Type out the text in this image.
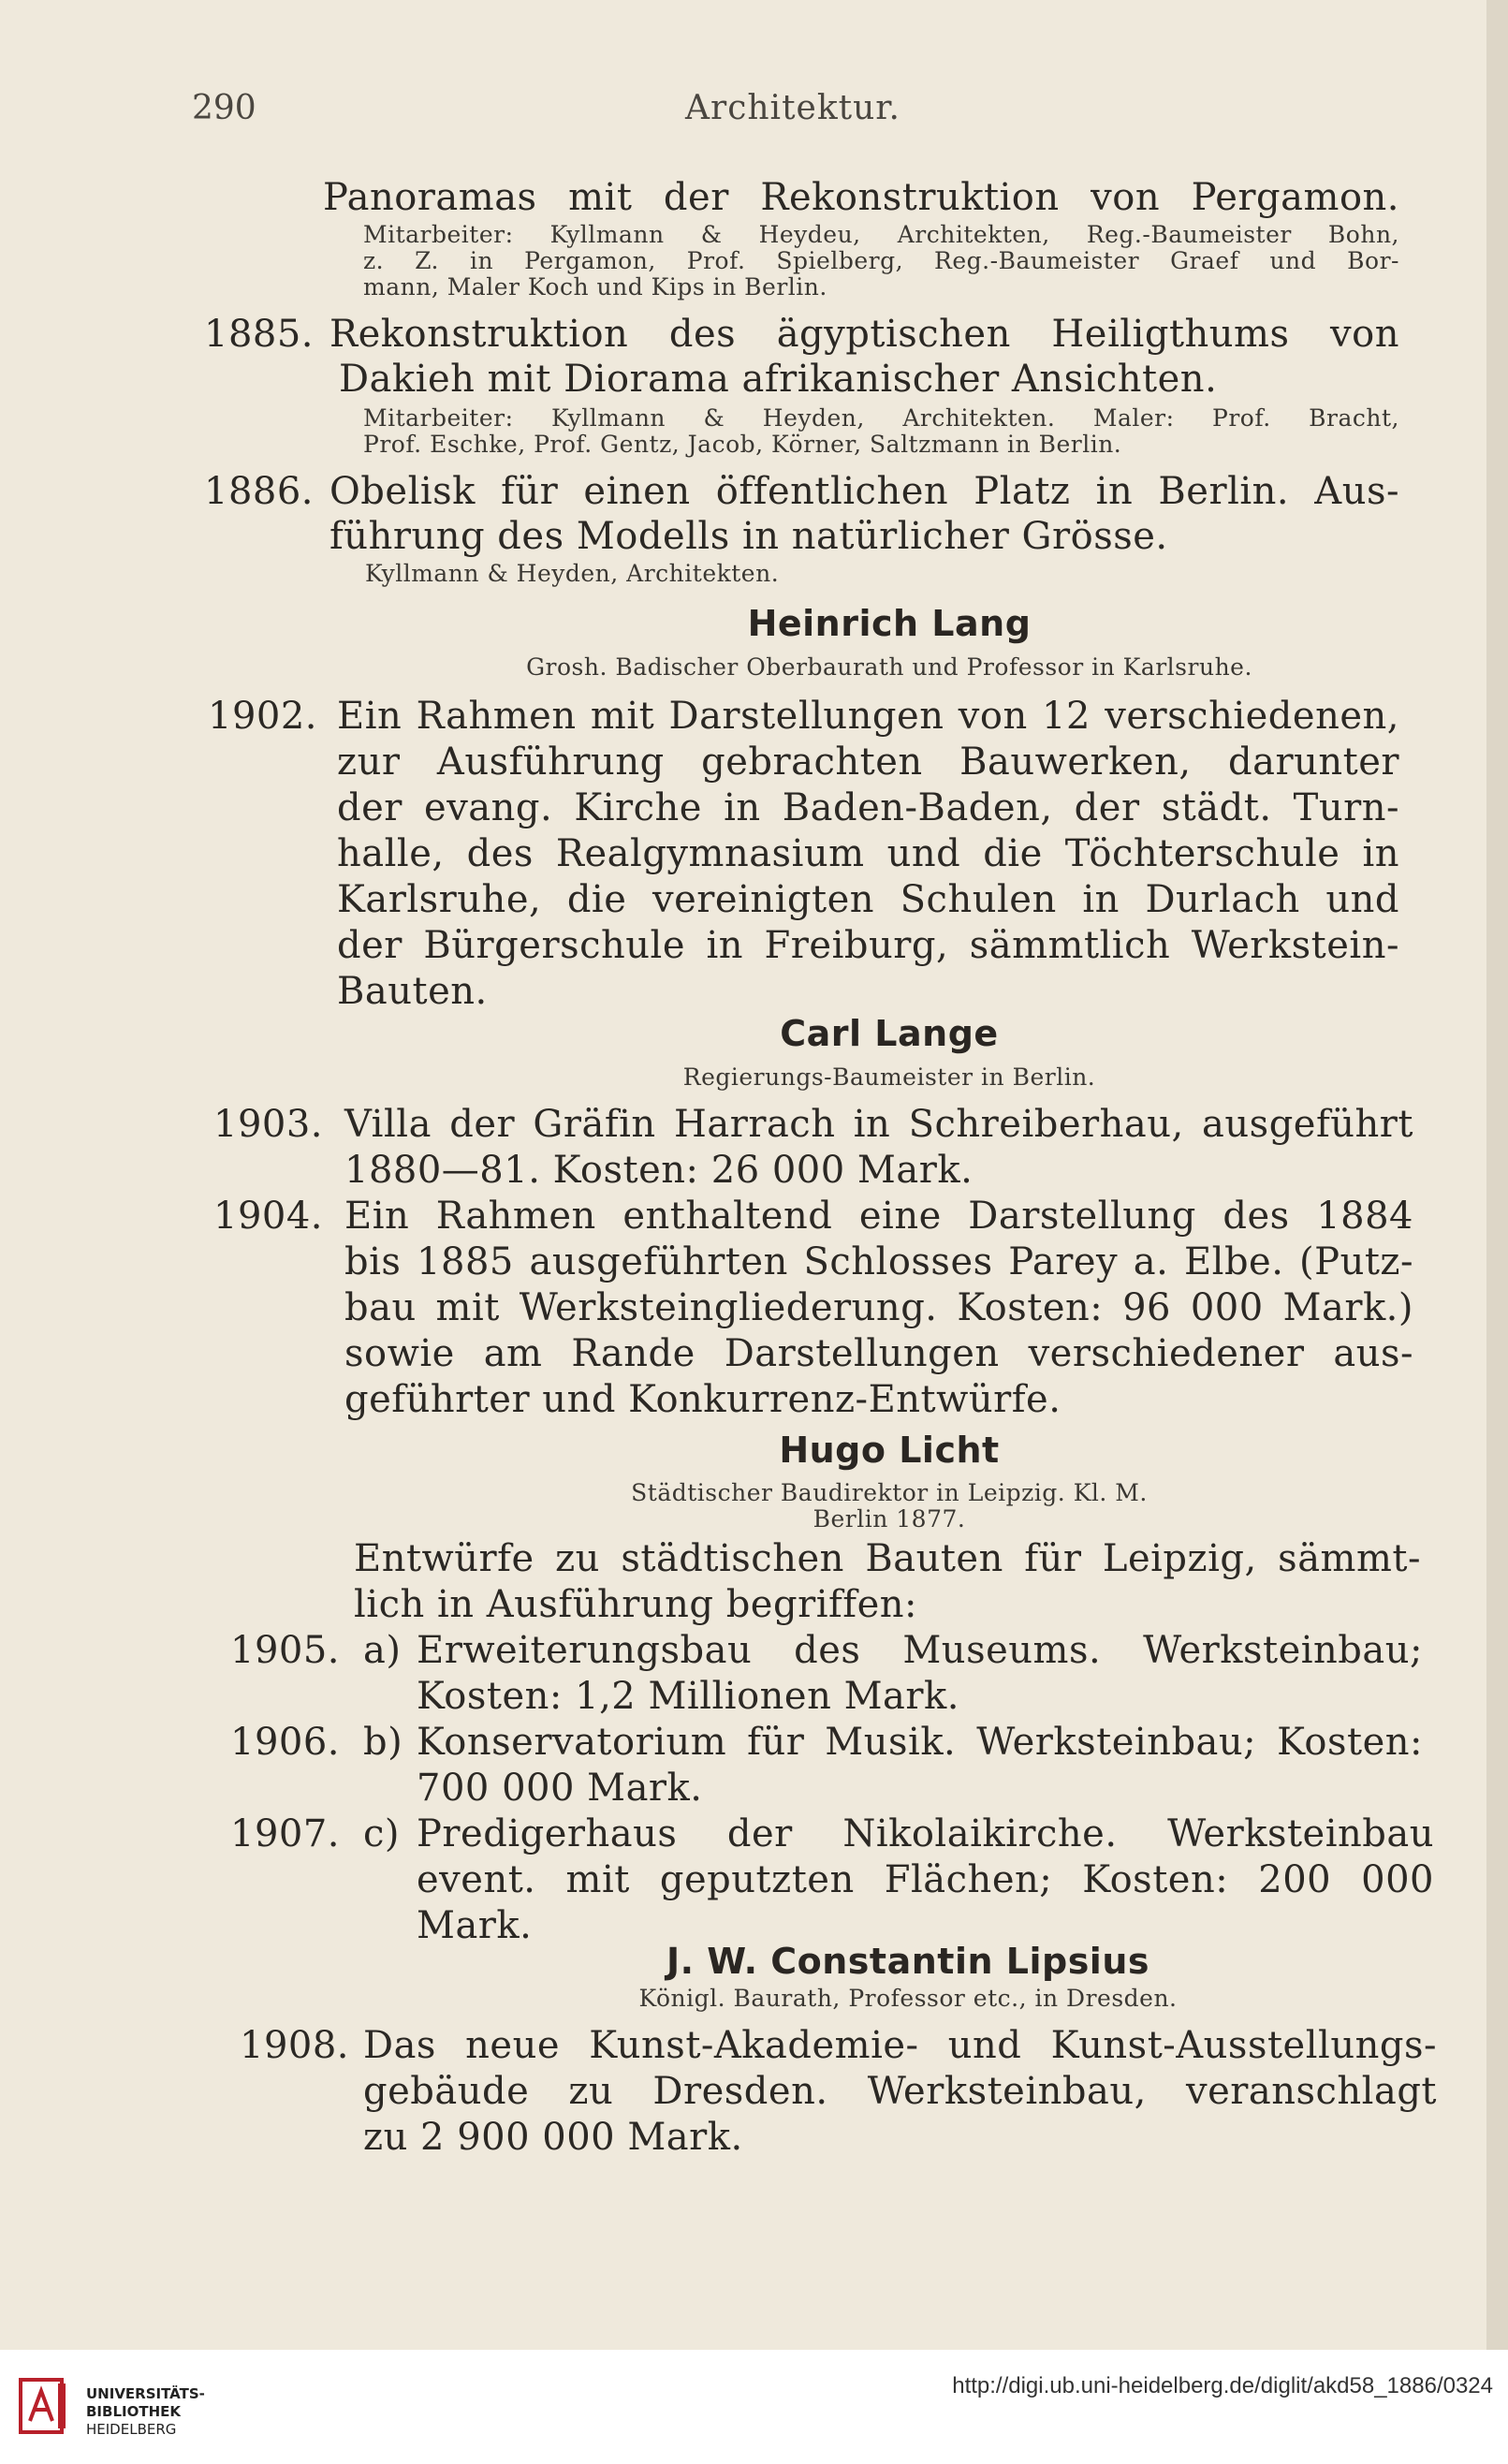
290	Architektur.
Panoramas mit der Rekonstruktion von Pergamon.
Mitarbeiter: Kyllmann & Heydeu, Architekten, Reg.-Baumeister Bohn,
z. Z. in Pergamon, Prof. Spielberg, Reg.-Baumeister Graef und Bor-
mann, Maler Koch und Kips in Berlin.
1885. Rekonstruktion des ägyptischen Heiligthums von
Dakieh mit Diorama afrikanischer Ansichten.
Mitarbeiter: Kyllmann & Heyden, Architekten. Maler: Prof. Bracht,
Prof. Eschke, Prof. Gentz, Jacob, Körner, Saltzmann in Berlin.
1886. Obelisk für einen öffentlichen Platz in Berlin. Aus-
führung des Modells in natürlicher Grösse.
Kyllmann & Heyden, Architekten.
Heinrich Lang
Grosh. Badischer Oberbaurath und Professor in Karlsruhe.
1902. Ein Rahmen mit Darstellungen von 12 verschiedenen,
zur Ausführung gebrachten Bauwerken, darunter
der evang. Kirche in Baden-Baden, der städt. Turn-
halle, des Realgymnasium und die Töchterschule in
Karlsruhe, die vereinigten Schulen in Durlach und
der Bürgerschule in Freiburg, sämmtlich Werkstein-
Bauten.
Carl Lange
Regierungs-Baumeister in Berlin.
1903. Villa der Gräfin Harrach in Schreiberhau, ausgeführt
1880—81. Kosten: 26 000 Mark.
1904. Ein Rahmen enthaltend eine Darstellung des 1884
bis 1885 ausgeführten Schlosses Parey a. Elbe. (Putz-
bau mit Werksteingliederung. Kosten: 96 000 Mark.)
sowie am Rande Darstellungen verschiedener aus-
geführter und Konkurrenz-Entwürfe.
Hugo Licht
Städtischer Baudirektor in Leipzig. Kl. M.
Berlin 1877.
Entwürfe zu städtischen Bauten für Leipzig, sämmt-
lich in Ausführung begriffen:
1905. a) Erweiterungsbau des Museums. Werksteinbau;
Kosten: 1,2 Millionen Mark.
1906. b) Konservatorium für Musik. Werksteinbau; Kosten:
700 000 Mark.
1907. c) Predigerhaus der Nikolaikirche. Werksteinbau
event. mit geputzten Flächen; Kosten: 200 000
Mark.
J. W. Constantin Lipsius
Königl. Baurath, Professor etc., in Dresden.
1908. Das neue Kunst-Akademie- und Kunst-Ausstellungs-
gebäude zu Dresden. Werksteinbau, veranschlagt
zu 2 900 000 Mark.
UNIVERSITÄTS-
BIBLIOTHEK
HEIDELBERG
http://digi.ub.uni-heidelberg.de/diglit/akd58_1886/0324
